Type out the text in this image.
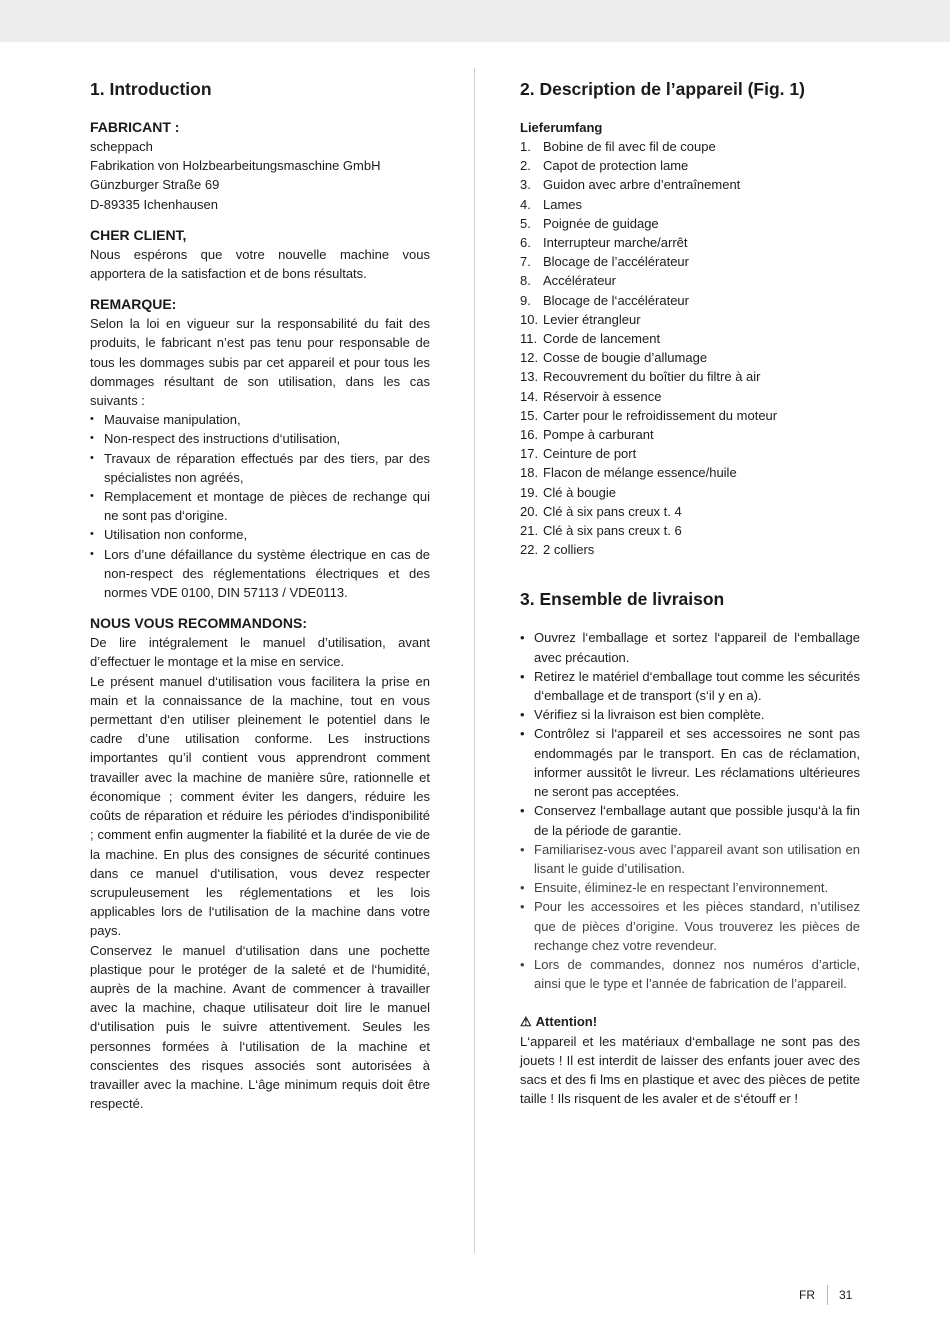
1. Introduction
FABRICANT :
scheppach
Fabrikation von Holzbearbeitungsmaschine GmbH
Günzburger Straße 69
D-89335 Ichenhausen
CHER CLIENT,

Nous espérons que votre nouvelle machine vous apportera de la satisfaction et de bons résultats.

REMARQUE:

Selon la loi en vigueur sur la responsabilité du fait des produits, le fabricant n’est pas tenu pour responsable de tous les dommages subis par cet appareil et pour tous les dommages résultant de son utilisation, dans les cas suivants :

• Mauvaise manipulation,
• Non-respect des instructions d‘utilisation,
• Travaux de réparation effectués par des tiers, par des spécialistes non agréés,
• Remplacement et montage de pièces de rechange qui ne sont pas d‘origine.
• Utilisation non conforme,
• Lors d’une défaillance du système électrique en cas de non-respect des réglementations électriques et des normes VDE 0100, DIN 57113 / VDE0113.
NOUS VOUS RECOMMANDONS:

De lire intégralement le manuel d’utilisation, avant d’effectuer le montage et la mise en service.

Le présent manuel d‘utilisation vous facilitera la prise en main et la connaissance de la machine, tout en vous permettant d‘en utiliser pleinement le potentiel dans le cadre d’une utilisation conforme. Les instructions importantes qu’il contient vous apprendront comment travailler avec la machine de manière sûre, rationnelle et économique ; comment éviter les dangers, réduire les coûts de réparation et réduire les périodes d’indisponibilité ; comment enfin augmenter la fiabilité et la durée de vie de la machine. En plus des consignes de sécurité continues dans ce manuel d‘utilisation, vous devez respecter scrupuleusement les réglementations et les lois applicables lors de l‘utilisation de la machine dans votre pays.

Conservez le manuel d‘utilisation dans une pochette plastique pour le protéger de la saleté et de l‘humidité, auprès de la machine. Avant de commencer à travailler avec la machine, chaque utilisateur doit lire le manuel d‘utilisation puis le suivre attentivement. Seules les personnes formées à l‘utilisation de la machine et conscientes des risques associés sont autorisées à travailler avec la machine. L‘âge minimum requis doit être respecté.

2. Description de l’appareil (Fig. 1)
Lieferumfang
1. Bobine de fil avec fil de coupe
2. Capot de protection lame
3. Guidon avec arbre d’entraînement
4. Lames
5. Poignée de guidage
6. Interrupteur marche/arrêt
7. Blocage de l’accélérateur
8. Accélérateur
9. Blocage de l‘accélérateur
10. Levier étrangleur
11. Corde de lancement
12. Cosse de bougie d’allumage
13. Recouvrement du boîtier du filtre à air
14. Réservoir à essence
15. Carter pour le refroidissement du moteur
16. Pompe à carburant
17. Ceinture de port
18. Flacon de mélange essence/huile
19. Clé à bougie
20. Clé à six pans creux t. 4
21. Clé à six pans creux t. 6
22. 2 colliers
3. Ensemble de livraison
• Ouvrez l‘emballage et sortez l‘appareil de l‘emballage avec précaution.
• Retirez le matériel d‘emballage tout comme les sécurités d‘emballage et de transport (s‘il y en a).
• Vérifiez si la livraison est bien complète.
• Contrôlez si l‘appareil et ses accessoires ne sont pas endommagés par le transport. En cas de réclamation, informer aussitôt le livreur. Les réclamations ultérieures ne seront pas acceptées.
• Conservez l‘emballage autant que possible jusqu‘à la fin de la période de garantie.
• Familiarisez-vous avec l’appareil avant son utilisation en lisant le guide d’utilisation.
• Ensuite, éliminez-le en respectant l’environnement.
• Pour les accessoires et les pièces standard, n’utilisez que de pièces d’origine. Vous trouverez les pièces de rechange chez votre revendeur.
• Lors de commandes, donnez nos numéros d’article, ainsi que le type et l’année de fabrication de l’appareil.
⚠ Attention!

L‘appareil et les matériaux d‘emballage ne sont pas des jouets ! Il est interdit de laisser des enfants jouer avec des sacs et des fi lms en plastique et avec des pièces de petite taille ! Ils risquent de les avaler et de s‘étouff er !

FR	31
